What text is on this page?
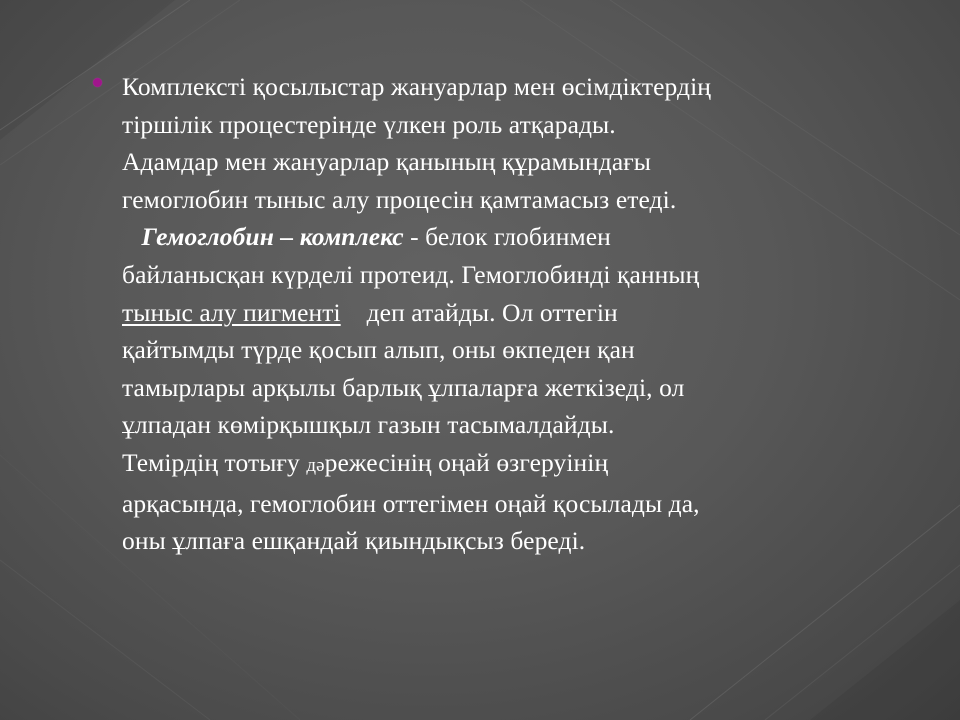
Комплексті қосылыстар жануарлар мен өсімдіктердің
тіршілік процестерінде үлкен роль атқарады.
Адамдар мен жануарлар қанының құрамындағы
гемоглобин тыныс алу процесін қамтамасыз етеді.
Гемоглобин – комплекс - белок глобинмен
байланысқан күрделі протеид. Гемоглобинді қанның
тыныс алу пигменті    деп атайды. Ол оттегін
қайтымды түрде қосып алып, оны өкпеден қан
тамырлары арқылы барлық ұлпаларға жеткізеді, ол
ұлпадан көмірқышқыл газын тасымалдайды.
Темірдің тотығу дәрежесінің оңай өзгеруінің
арқасында, гемоглобин оттегімен оңай қосылады да,
оны ұлпаға ешқандай қиындықсыз береді.
